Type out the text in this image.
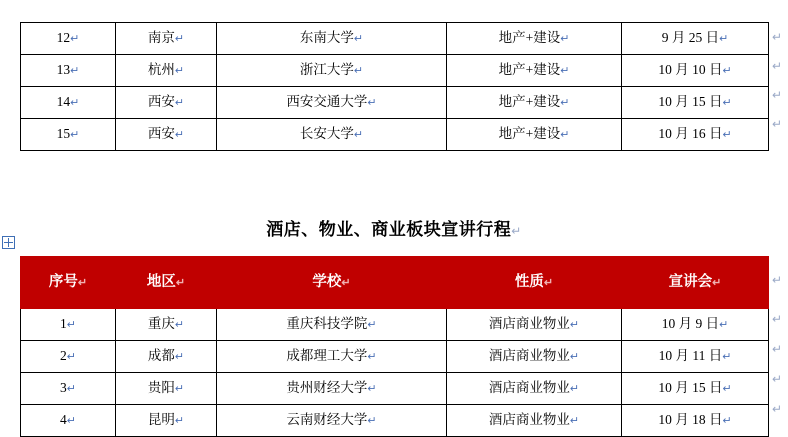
12↵	南京↵	东南大学↵	地产+建设↵	9 月 25 日↵
13↵	杭州↵	浙江大学↵	地产+建设↵	10 月 10 日↵
14↵	西安↵	西安交通大学↵	地产+建设↵	10 月 15 日↵
15↵	西安↵	长安大学↵	地产+建设↵	10 月 16 日↵
↵
↵
↵
↵
酒店、物业、商业板块宣讲行程↵
序号↵	地区↵	学校↵	性质↵	宣讲会↵
1↵	重庆↵	重庆科技学院↵	酒店商业物业↵	10 月 9 日↵
2↵	成都↵	成都理工大学↵	酒店商业物业↵	10 月 11 日↵
3↵	贵阳↵	贵州财经大学↵	酒店商业物业↵	10 月 15 日↵
4↵	昆明↵	云南财经大学↵	酒店商业物业↵	10 月 18 日↵
↵
↵
↵
↵
↵
